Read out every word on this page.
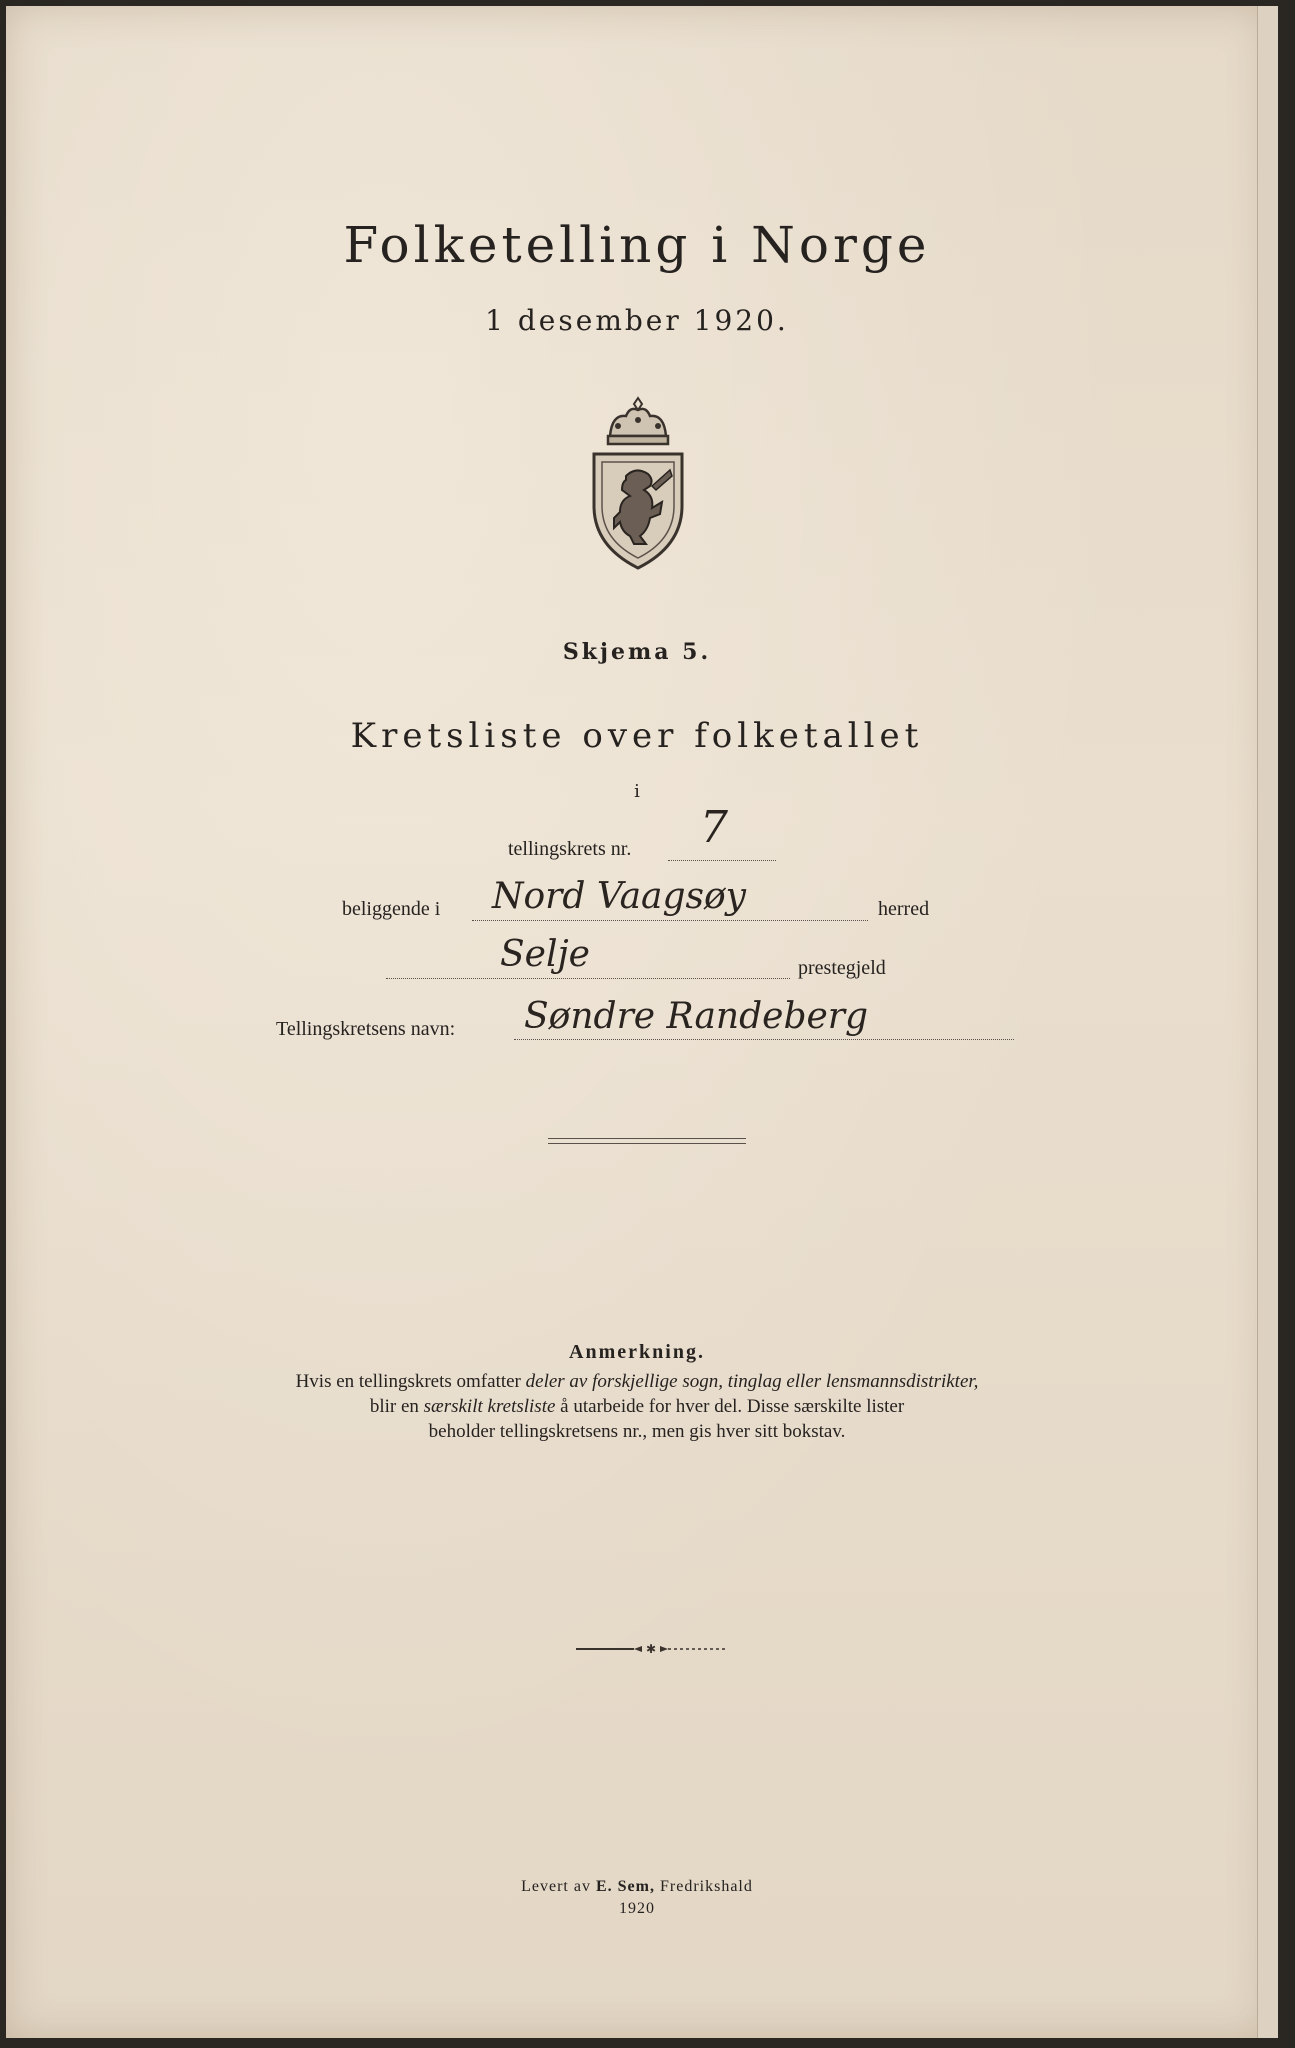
Folketelling i Norge
1 desember 1920.
Skjema 5.
Kretsliste over folketallet
i
tellingskrets nr. 7
beliggende i Nord Vaagsøy	herred
Selje	prestegjeld
Tellingskretsens navn: Søndre Randeberg
Anmerkning.
Hvis en tellingskrets omfatter deler av forskjellige sogn, tinglag eller lensmannsdistrikter,
blir en særskilt kretsliste å utarbeide for hver del. Disse særskilte lister
beholder tellingskretsens nr., men gis hver sitt bokstav.
✱
Levert av E. Sem, Fredrikshald
1920
